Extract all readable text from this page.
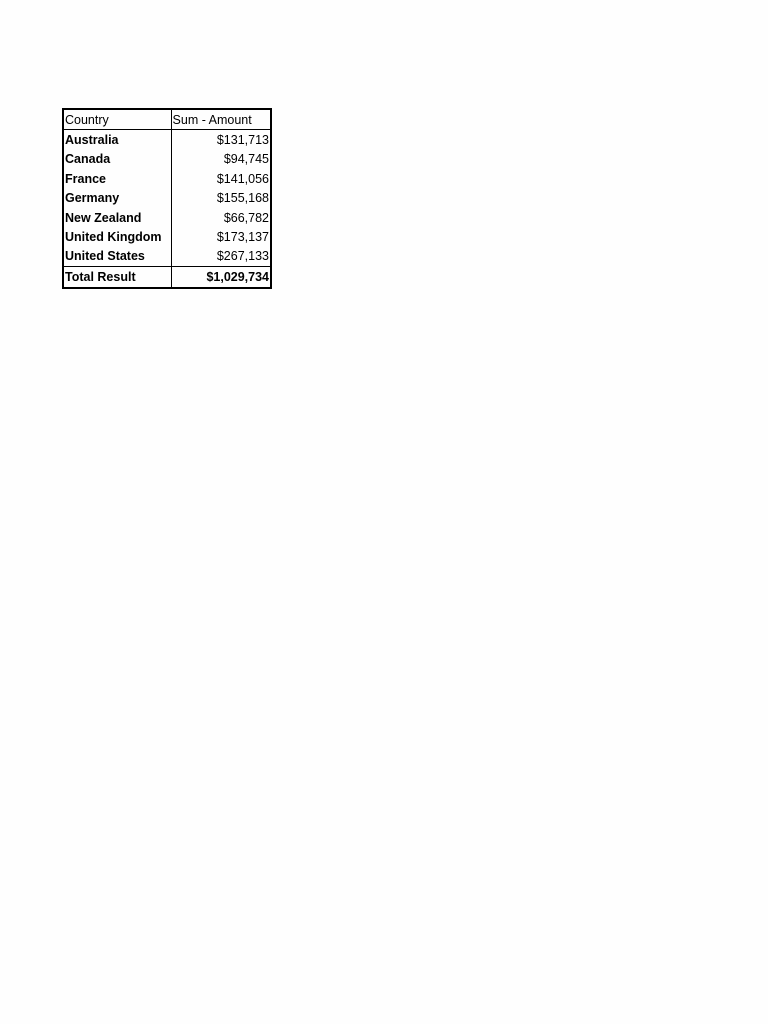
Country	Sum - Amount
Australia	$131,713
Canada	$94,745
France	$141,056
Germany	$155,168
New Zealand	$66,782
United Kingdom	$173,137
United States	$267,133
Total Result	$1,029,734
